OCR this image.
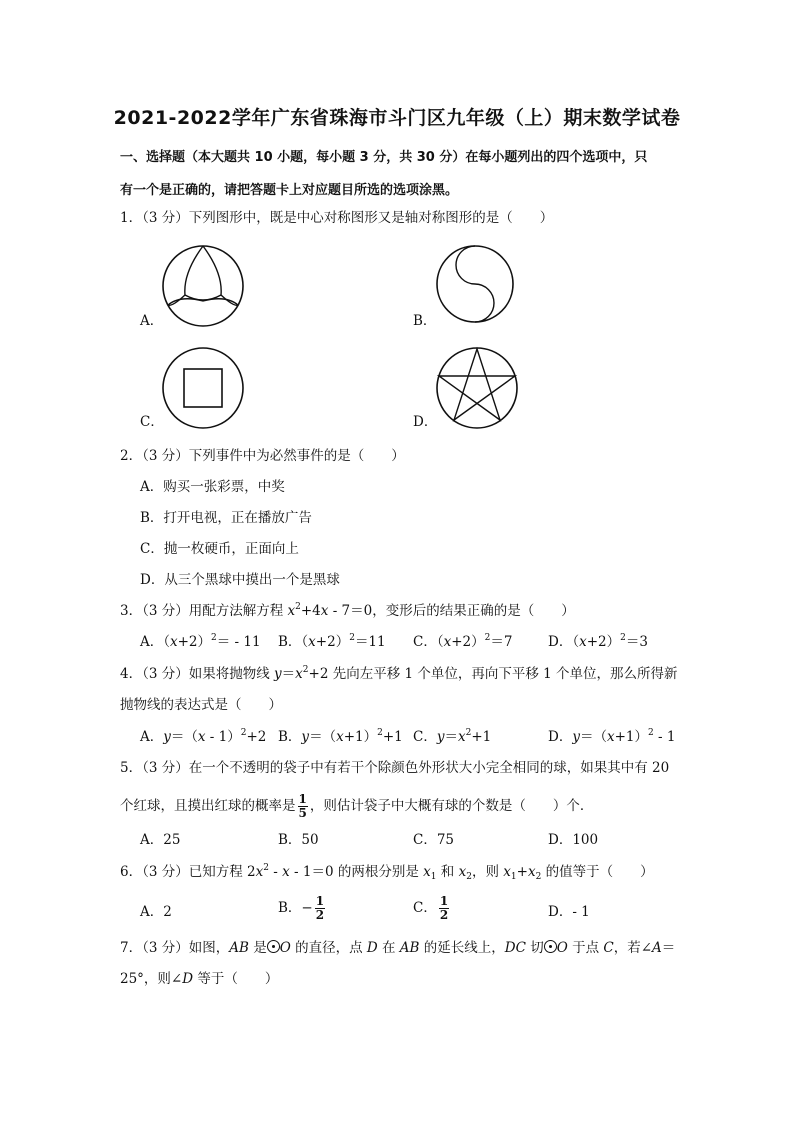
2021-2022学年广东省珠海市斗门区九年级（上）期末数学试卷
一、选择题（本大题共 10 小题，每小题 3 分，共 30 分）在每小题列出的四个选项中，只
有一个是正确的，请把答题卡上对应题目所选的选项涂黑。
1．（3 分）下列图形中，既是中心对称图形又是轴对称图形的是（　　）
A．	B．
C．	D．
2．（3 分）下列事件中为必然事件的是（　　）
A．购买一张彩票，中奖
B．打开电视，正在播放广告
C．抛一枚硬币，正面向上
D．从三个黑球中摸出一个是黑球
3．（3 分）用配方法解方程 $x^2+4x - 7=0$，变形后的结果正确的是（　　）
A．$(x+2)^2= - 11$ B．$(x+2)^2=11$ C．$(x+2)^2=7$	D．$(x+2)^2=3$
4．（3 分）如果将抛物线 $y=x^2+2$ 先向左平移 1 个单位，再向下平移 1 个单位，那么所得新
抛物线的表达式是（　　）
A．y＝（x - 1）$^2$+2 B．$y=(x+1)^2+1$ C．$y=x^2+1$	D．$y=(x+1)^2 - 1$
5．（3 分）在一个不透明的袋子中有若干个除颜色外形状大小完全相同的球，如果其中有 20
个红球，且摸出红球的概率是 $\frac{1}{5}$ ，则估计袋子中大概有球的个数是（　　）个．
A．25	B．50	C．75	D．100
6．（3 分）已知方程 $2x^2 - x - 1=0$ 的两根分别是 $x_1$ 和 $x_2$，则 $x_1+x_2$ 的值等于（　　）
A．2	B．− $\frac{1}{2}$	C． $\frac{1}{2}$	D．- 1
7．（3 分）如图，AB 是 O 的直径，点 D 在 AB 的延长线上，DC 切 O 于点 C，若∠A＝
25°，则∠D 等于（　　）
